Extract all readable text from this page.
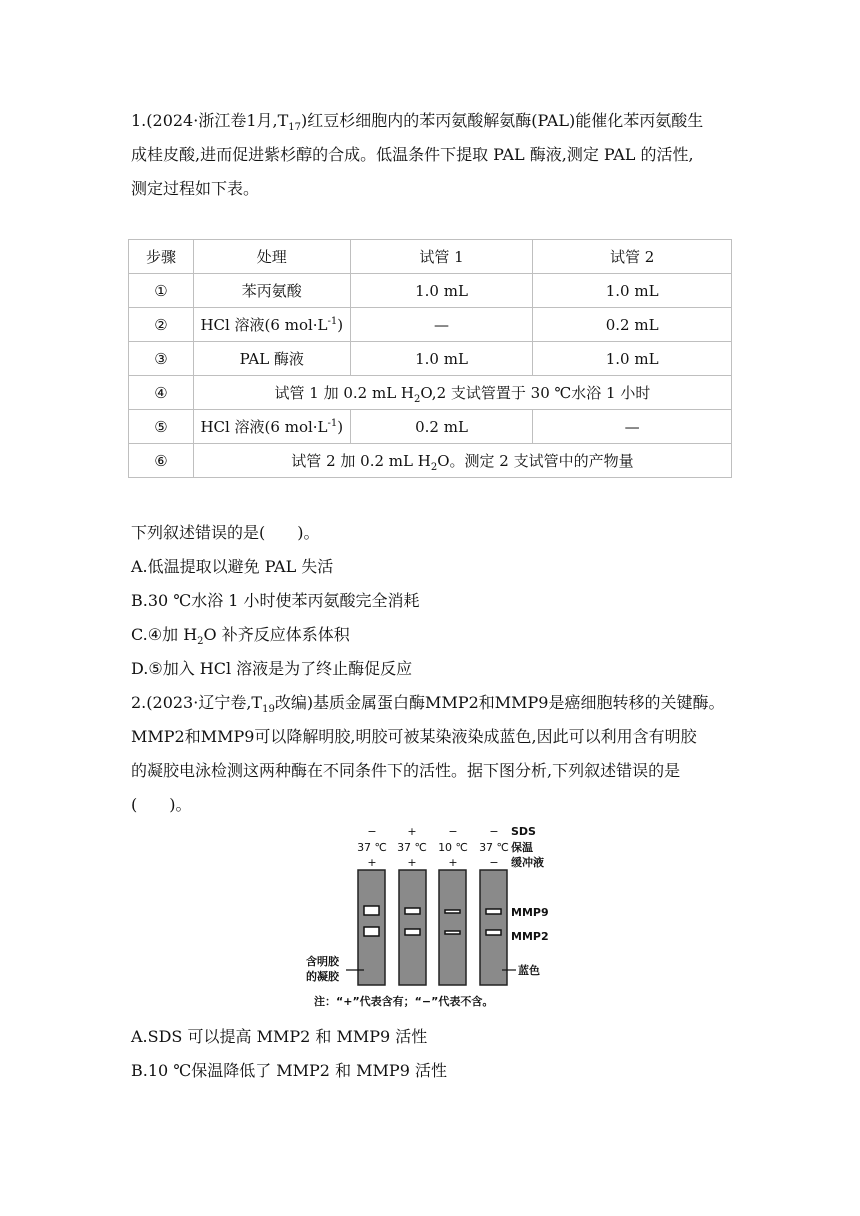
1.(2024·浙江卷1月$,T_{17}$)红豆杉细胞内的苯丙氨酸解氨酶(PAL)能催化苯丙氨酸生

成桂皮酸,进而促进紫杉醇的合成。低温条件下提取 PAL 酶液,测定 PAL 的活性,

测定过程如下表。

步骤	处理	试管 1	试管 2
①	苯丙氨酸	1.0 mL	1.0 mL
②	HCl 溶液(6 $mol\cdot L^{-1}$)	—	0.2 mL
③	PAL 酶液	1.0 mL	1.0 mL
④	试管 1 加 0.2 mL $H_2O,2$ 支试管置于 30 ℃水浴 1 小时		
⑤	HCl 溶液(6 $mol\cdot L^{-1}$)	0.2 mL	—
⑥	试管 2 加 0.2 mL $H_2O$。测定 2 支试管中的产物量		

下列叙述错误的是(　　)。

A.低温提取以避免 PAL 失活

B.30 ℃水浴 1 小时使苯丙氨酸完全消耗

C.④加 $H_2O$ 补齐反应体系体积

D.⑤加入 HCl 溶液是为了终止酶促反应

2.(2023·辽宁卷$,T_{19}$改编)基质金属蛋白酶MMP2和MMP9是癌细胞转移的关键酶。

MMP2和MMP9可以降解明胶,明胶可被某染液染成蓝色,因此可以利用含有明胶

的凝胶电泳检测这两种酶在不同条件下的活性。据下图分析,下列叙述错误的是

(　　)。

−	+	−	−
37 ℃ 37 ℃ 10 ℃ 37 ℃
+	+	+	−
SDS
保温
缓冲液
MMP9
MMP2
含明胶
的凝胶	蓝色
注：“+”代表含有；“−”代表不含。

A.SDS 可以提高 MMP2 和 MMP9 活性

B.10 ℃保温降低了 MMP2 和 MMP9 活性
